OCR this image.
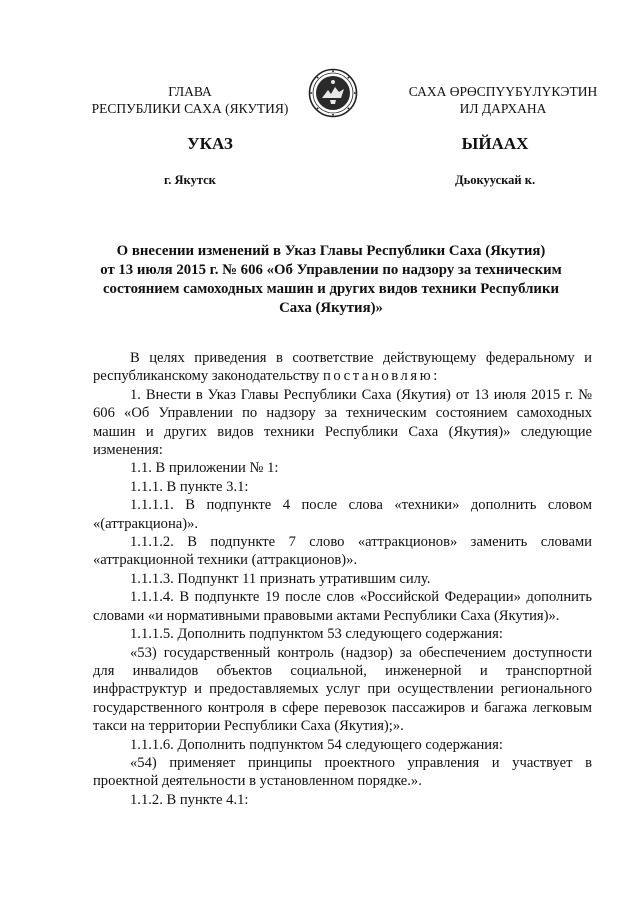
ГЛАВА
РЕСПУБЛИКИ САХА (ЯКУТИЯ)
САХА ӨРӨСПҮҮБҮЛҮКЭТИН
ИЛ ДАРХАНА
УКАЗ	ЫЙААХ
г. Якутск	Дьокуускай к.
О внесении изменений в Указ Главы Республики Саха (Якутия)
от 13 июля 2015 г. № 606 «Об Управлении по надзору за техническим
состоянием самоходных машин и других видов техники Республики
Саха (Якутия)»

В целях приведения в соответствие действующему федеральному и республиканскому законодательству постановляю:

1. Внести в Указ Главы Республики Саха (Якутия) от 13 июля 2015 г. № 606 «Об Управлении по надзору за техническим состоянием самоходных машин и других видов техники Республики Саха (Якутия)» следующие изменения:

1.1. В приложении № 1:

1.1.1. В пункте 3.1:

1.1.1.1. В подпункте 4 после слова «техники» дополнить словом «(аттракциона)».

1.1.1.2. В подпункте 7 слово «аттракционов» заменить словами «аттракционной техники (аттракционов)».

1.1.1.3. Подпункт 11 признать утратившим силу.

1.1.1.4. В подпункте 19 после слов «Российской Федерации» дополнить словами «и нормативными правовыми актами Республики Саха (Якутия)».

1.1.1.5. Дополнить подпунктом 53 следующего содержания:

«53) государственный контроль (надзор) за обеспечением доступности для инвалидов объектов социальной, инженерной и транспортной инфраструктур и предоставляемых услуг при осуществлении регионального государственного контроля в сфере перевозок пассажиров и багажа легковым такси на территории Республики Саха (Якутия);».

1.1.1.6. Дополнить подпунктом 54 следующего содержания:

«54) применяет принципы проектного управления и участвует в проектной деятельности в установленном порядке.».

1.1.2. В пункте 4.1:
